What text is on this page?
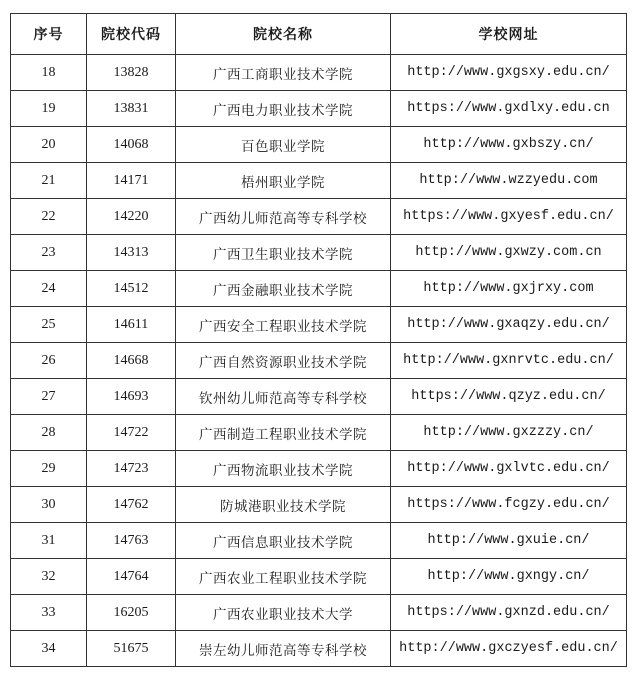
序号	院校代码	院校名称	学校网址
18	13828	广西工商职业技术学院	http://www.gxgsxy.edu.cn/
19	13831	广西电力职业技术学院	https://www.gxdlxy.edu.cn
20	14068	百色职业学院	http://www.gxbszy.cn/
21	14171	梧州职业学院	http://www.wzzyedu.com
22	14220	广西幼儿师范高等专科学校	https://www.gxyesf.edu.cn/
23	14313	广西卫生职业技术学院	http://www.gxwzy.com.cn
24	14512	广西金融职业技术学院	http://www.gxjrxy.com
25	14611	广西安全工程职业技术学院	http://www.gxaqzy.edu.cn/
26	14668	广西自然资源职业技术学院	http://www.gxnrvtc.edu.cn/
27	14693	钦州幼儿师范高等专科学校	https://www.qzyz.edu.cn/
28	14722	广西制造工程职业技术学院	http://www.gxzzzy.cn/
29	14723	广西物流职业技术学院	http://www.gxlvtc.edu.cn/
30	14762	防城港职业技术学院	https://www.fcgzy.edu.cn/
31	14763	广西信息职业技术学院	http://www.gxuie.cn/
32	14764	广西农业工程职业技术学院	http://www.gxngy.cn/
33	16205	广西农业职业技术大学	https://www.gxnzd.edu.cn/
34	51675	崇左幼儿师范高等专科学校	http://www.gxczyesf.edu.cn/
